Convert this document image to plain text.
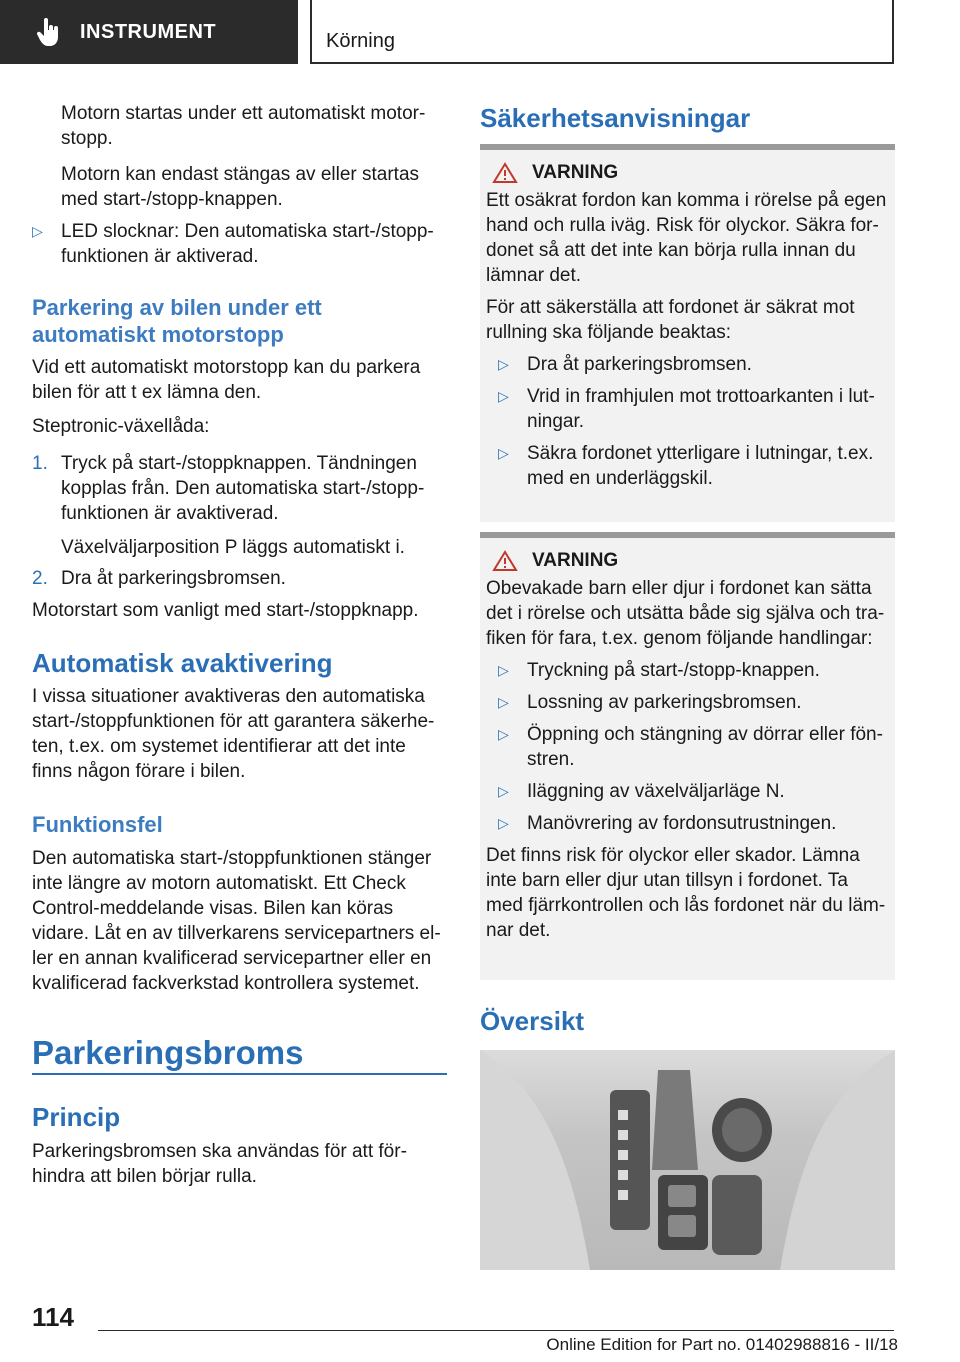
INSTRUMENT	Körning

Motorn startas under ett automatiskt motor-stopp.

Motorn kan endast stängas av eller startas med start-/stopp-knappen.

▷ LED slocknar: Den automatiska start-/stopp-funktionen är aktiverad.
Parkering av bilen under ett automatiskt motorstopp

Vid ett automatiskt motorstopp kan du parkera bilen för att t ex lämna den.

Steptronic-växellåda:

1. Tryck på start-/stoppknappen. Tändningen kopplas från. Den automatiska start-/stopp-funktionen är avaktiverad.

Växelväljarposition P läggs automatiskt i.

2. Dra åt parkeringsbromsen.

Motorstart som vanligt med start-/stoppknapp.

Automatisk avaktivering

I vissa situationer avaktiveras den automatiska start-/stoppfunktionen för att garantera säkerhe-ten, t.ex. om systemet identifierar att det inte finns någon förare i bilen.

Funktionsfel

Den automatiska start-/stoppfunktionen stänger inte längre av motorn automatiskt. Ett Check Control-meddelande visas. Bilen kan köras vidare. Låt en av tillverkarens servicepartners el-ler en annan kvalificerad servicepartner eller en kvalificerad fackverkstad kontrollera systemet.

Parkeringsbroms
Princip

Parkeringsbromsen ska användas för att för-hindra att bilen börjar rulla.

Säkerhetsanvisningar
VARNING

Ett osäkrat fordon kan komma i rörelse på egen hand och rulla iväg. Risk för olyckor. Säkra for-donet så att det inte kan börja rulla innan du lämnar det.

För att säkerställa att fordonet är säkrat mot rullning ska följande beaktas:

▷ Dra åt parkeringsbromsen.
▷ Vrid in framhjulen mot trottoarkanten i lut-ningar.
▷ Säkra fordonet ytterligare i lutningar, t.ex. med en underläggskil.
VARNING

Obevakade barn eller djur i fordonet kan sätta det i rörelse och utsätta både sig själva och tra-fiken för fara, t.ex. genom följande handlingar:

▷ Tryckning på start-/stopp-knappen.
▷ Lossning av parkeringsbromsen.
▷ Öppning och stängning av dörrar eller fön-stren.
▷ Iläggning av växelväljarläge N.
▷ Manövrering av fordonsutrustningen.

Det finns risk för olyckor eller skador. Lämna inte barn eller djur utan tillsyn i fordonet. Ta med fjärrkontrollen och lås fordonet när du läm-nar det.

Översikt
114
Online Edition for Part no. 01402988816 - II/18
